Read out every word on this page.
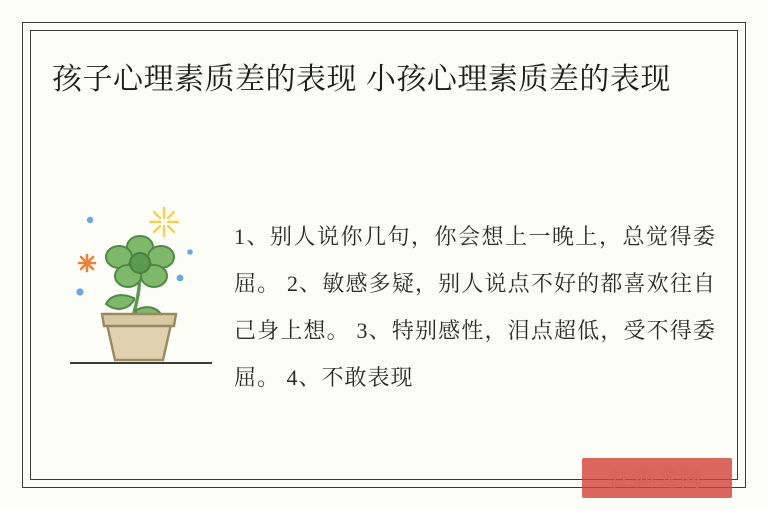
孩子心理素质差的表现 小孩心理素质差的表现
1、别人说你几句，你会想上一晚上，总觉得委屈。 2、敏感多疑，别人说点不好的都喜欢往自己身上想。 3、特别感性，泪点超低，受不得委屈。 4、不敢表现
